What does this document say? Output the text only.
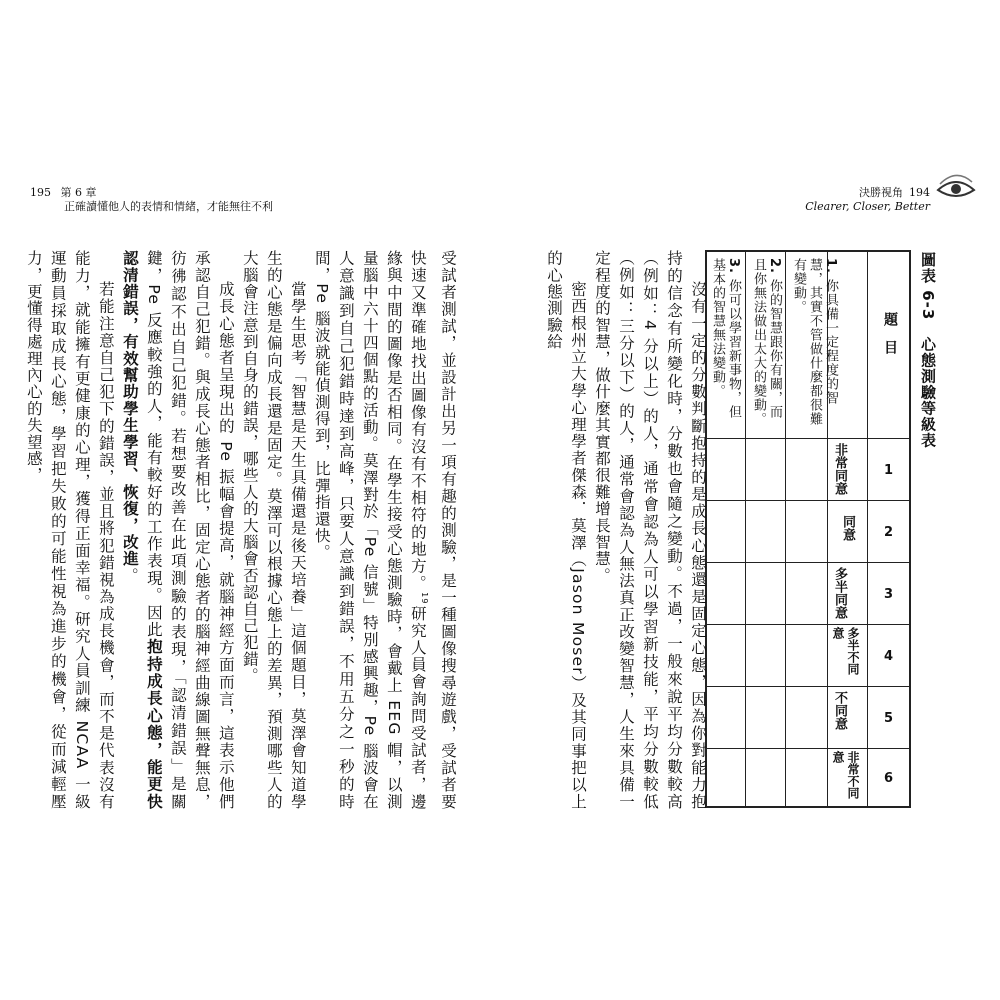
195 第 6 章
正確讀懂他人的表情和情緒，才能無往不利

受試者測試，並設計出另一項有趣的測驗，是一種圖像搜尋遊戲，受試者要快速又準確地找出圖像有沒有不相符的地方。$^{19}$研究人員會詢問受試者，邊緣與中間的圖像是否相同。在學生接受心態測驗時，會戴上 EEG 帽，以測量腦中六十四個點的活動。莫澤對於「Pe 信號」特別感興趣，Pe 腦波會在人意識到自己犯錯時達到高峰，只要人意識到錯誤，不用五分之一秒的時間，Pe 腦波就能偵測得到，比彈指還快。

當學生思考「智慧是天生具備還是後天培養」這個題目，莫澤會知道學生的心態是偏向成長還是固定。莫澤可以根據心態上的差異，預測哪些人的大腦會注意到自身的錯誤，哪些人的大腦會否認自己犯錯。

成長心態者呈現出的 Pe 振幅會提高，就腦神經方面而言，這表示他們承認自己犯錯。與成長心態者相比，固定心態者的腦神經曲線圖無聲無息，彷彿認不出自己犯錯。若想要改善在此項測驗的表現，「認清錯誤」是關鍵，Pe 反應較強的人，能有較好的工作表現。因此抱持成長心態，能更快認清錯誤，有效幫助學生學習、恢復，改進。

若能注意自己犯下的錯誤，並且將犯錯視為成長機會，而不是代表沒有能力，就能擁有更健康的心理，獲得正面幸福。研究人員訓練 NCAA 一級運動員採取成長心態，學習把失敗的可能性視為進步的機會，從而減輕壓力，更懂得處理內心的失望感，

決勝視角 194
Clearer, Closer, Better
圖表 6-3　心態測驗等級表
題　目
1
2
3
4
5
6
非常同意
同意
多半同意
多半不同意
不同意
非常不同意
1. 你具備一定程度的智慧，其實不管做什麼都很難有變動。
2. 你的智慧跟你有關，而且你無法做出太大的變動。
3. 你可以學習新事物，但基本的智慧無法變動。

沒有一定的分數判斷抱持的是成長心態還是固定心態，因為你對能力抱持的信念有所變化時，分數也會隨之變動。不過，一般來說平均分數較高（例如：4 分以上）的人，通常會認為人可以學習新技能，平均分數較低（例如：三分以下）的人，通常會認為人無法真正改變智慧，人生來具備一定程度的智慧，做什麼其實都很難增長智慧。

密西根州立大學心理學者傑森．莫澤（Jason Moser）及其同事把以上的心態測驗給
